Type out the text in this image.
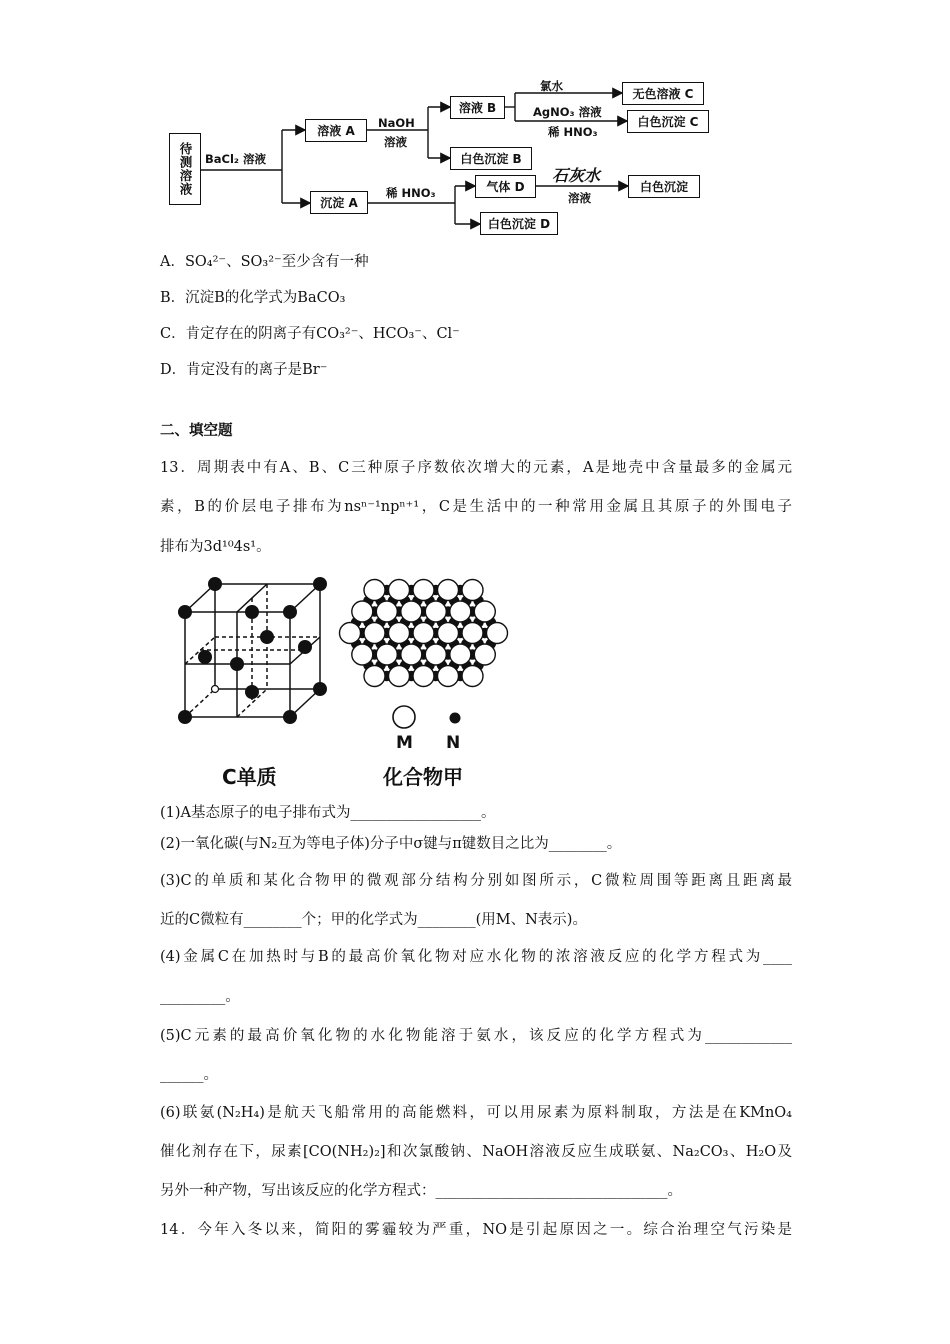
待测溶液 BaCl₂ 溶液
溶液 A
NaOH
溶液
溶液 B
白色沉淀 B
氯水
AgNO₃ 溶液
稀 HNO₃
无色溶液 C
白色沉淀 C
沉淀 A
稀 HNO₃	气体 D
白色沉淀 D
石灰水
溶液
白色沉淀
A．SO₄²⁻、SO₃²⁻至少含有一种
B．沉淀B的化学式为BaCO₃
C．肯定存在的阴离子有CO₃²⁻、HCO₃⁻、Cl⁻
D．肯定没有的离子是Br⁻
二、填空题
13．周期表中有A、B、C三种原子序数依次增大的元素，A是地壳中含量最多的金属元
素，B的价层电子排布为nsⁿ⁻¹npⁿ⁺¹，C是生活中的一种常用金属且其原子的外围电子
排布为3d¹⁰4s¹。
M N
C单质	化合物甲
(1)A基态原子的电子排布式为__________________。
(2)一氧化碳(与N₂互为等电子体)分子中σ键与π键数目之比为________。
(3)C的单质和某化合物甲的微观部分结构分别如图所示，C微粒周围等距离且距离最
近的C微粒有________个；甲的化学式为________(用M、N表示)。
(4)金属C在加热时与B的最高价氧化物对应水化物的浓溶液反应的化学方程式为____
_________。
(5)C元素的最高价氧化物的水化物能溶于氨水，该反应的化学方程式为____________
______。
(6)联氨(N₂H₄)是航天飞船常用的高能燃料，可以用尿素为原料制取，方法是在KMnO₄
催化剂存在下，尿素[CO(NH₂)₂]和次氯酸钠、NaOH溶液反应生成联氨、Na₂CO₃、H₂O及
另外一种产物，写出该反应的化学方程式：________________________________。
14．今年入冬以来，简阳的雾霾较为严重，NO是引起原因之一。综合治理空气污染是
